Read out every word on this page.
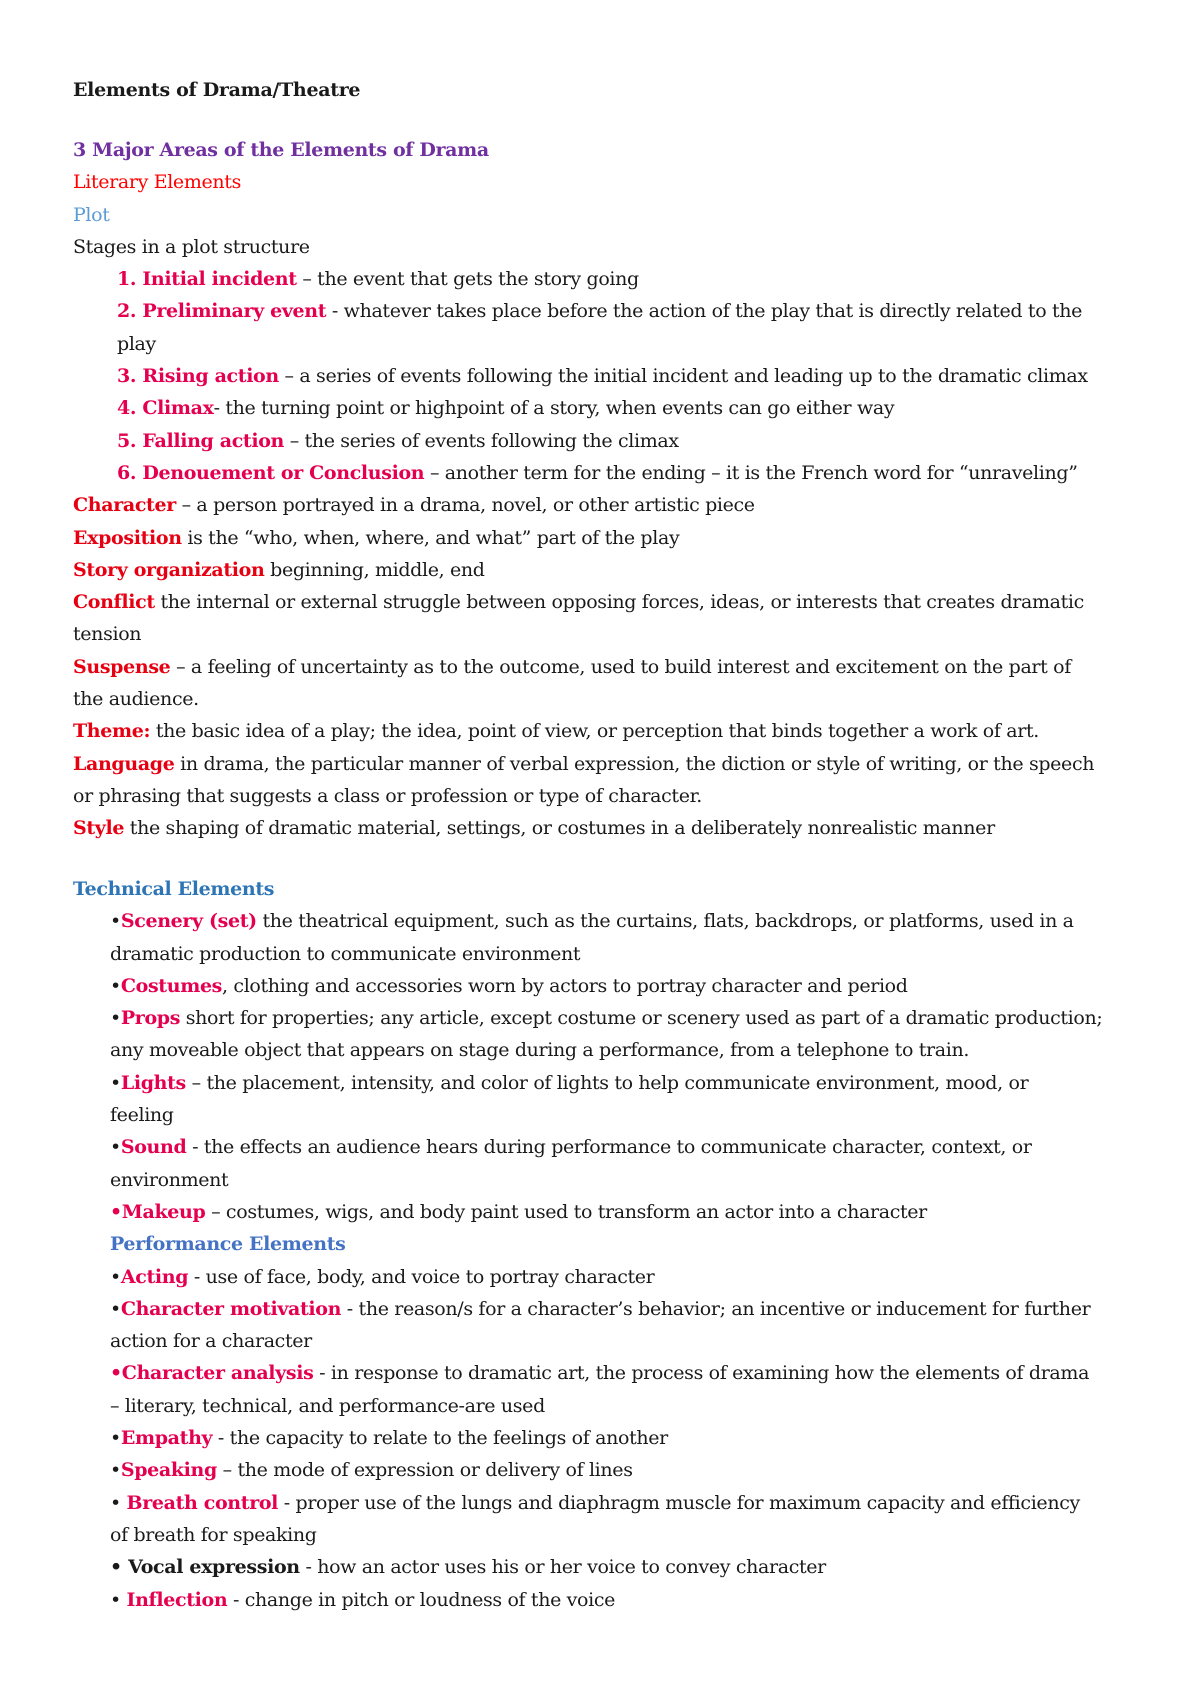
Elements of Drama/Theatre

3 Major Areas of the Elements of Drama

Literary Elements

Plot

Stages in a plot structure

1. Initial incident – the event that gets the story going

2. Preliminary event - whatever takes place before the action of the play that is directly related to the

play

3. Rising action – a series of events following the initial incident and leading up to the dramatic climax

4. Climax- the turning point or highpoint of a story, when events can go either way

5. Falling action – the series of events following the climax

6. Denouement or Conclusion – another term for the ending – it is the French word for “unraveling”

Character – a person portrayed in a drama, novel, or other artistic piece

Exposition is the “who, when, where, and what” part of the play

Story organization beginning, middle, end

Conflict the internal or external struggle between opposing forces, ideas, or interests that creates dramatic

tension

Suspense – a feeling of uncertainty as to the outcome, used to build interest and excitement on the part of

the audience.

Theme: the basic idea of a play; the idea, point of view, or perception that binds together a work of art.

Language in drama, the particular manner of verbal expression, the diction or style of writing, or the speech

or phrasing that suggests a class or profession or type of character.

Style the shaping of dramatic material, settings, or costumes in a deliberately nonrealistic manner

Technical Elements

•Scenery (set) the theatrical equipment, such as the curtains, flats, backdrops, or platforms, used in a

dramatic production to communicate environment

•Costumes, clothing and accessories worn by actors to portray character and period

•Props short for properties; any article, except costume or scenery used as part of a dramatic production;

any moveable object that appears on stage during a performance, from a telephone to train.

•Lights – the placement, intensity, and color of lights to help communicate environment, mood, or

feeling

•Sound - the effects an audience hears during performance to communicate character, context, or

environment

•Makeup – costumes, wigs, and body paint used to transform an actor into a character

Performance Elements

•Acting - use of face, body, and voice to portray character

•Character motivation - the reason/s for a character’s behavior; an incentive or inducement for further

action for a character

•Character analysis - in response to dramatic art, the process of examining how the elements of drama

– literary, technical, and performance-are used

•Empathy - the capacity to relate to the feelings of another

•Speaking – the mode of expression or delivery of lines

• Breath control - proper use of the lungs and diaphragm muscle for maximum capacity and efficiency

of breath for speaking

• Vocal expression - how an actor uses his or her voice to convey character

• Inflection - change in pitch or loudness of the voice
